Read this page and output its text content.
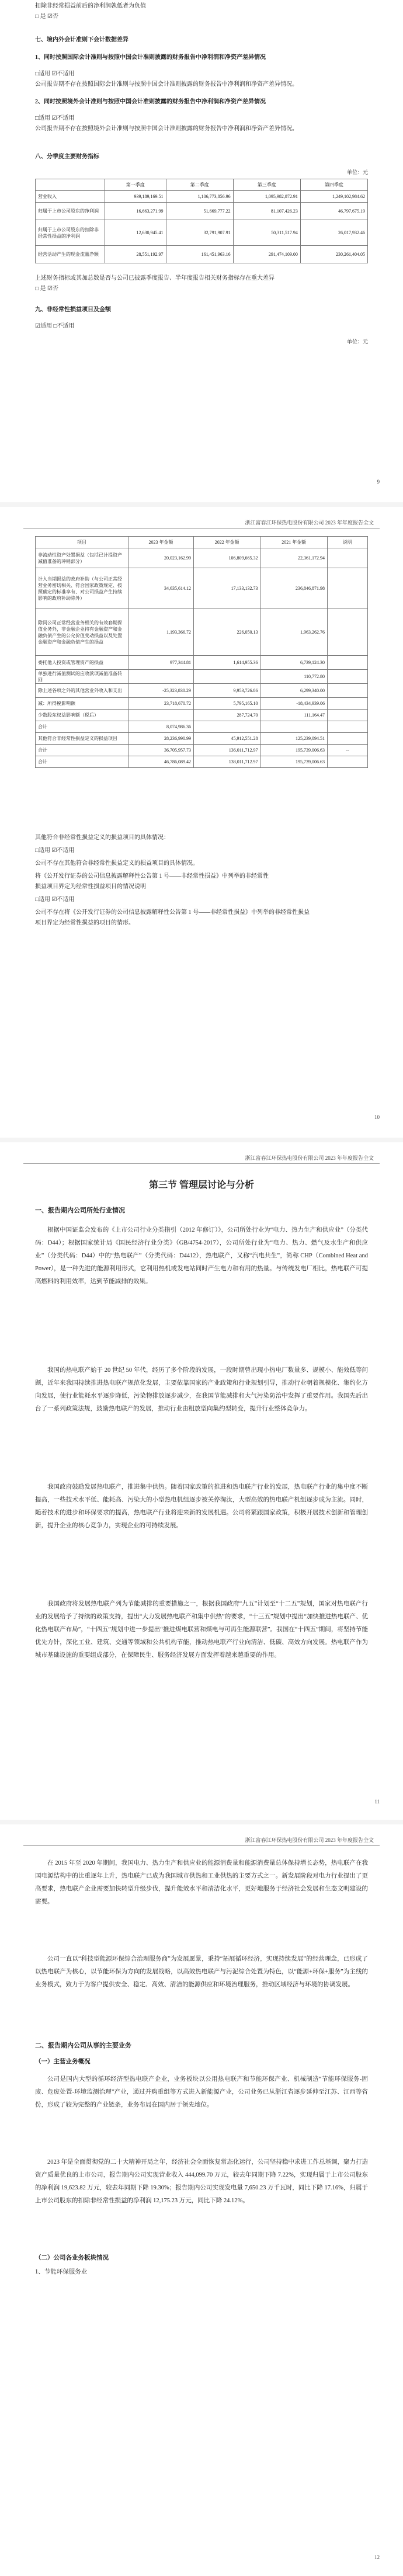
扣除非经常损益前后的净利润孰低者为负值
□ 是 ☑否
七、境内外会计准则下会计数据差异
1、同时按照国际会计准则与按照中国会计准则披露的财务报告中净利润和净资产差异情况
□适用 ☑不适用
公司报告期不存在按照国际会计准则与按照中国会计准则披露的财务报告中净利润和净资产差异情况。
2、同时按照境外会计准则与按照中国会计准则披露的财务报告中净利润和净资产差异情况
□适用 ☑不适用
公司报告期不存在按照境外会计准则与按照中国会计准则披露的财务报告中净利润和净资产差异情况。
八、分季度主要财务指标
单位：元
	第一季度	第二季度	第三季度	第四季度
营业收入	939,189,169.51	1,106,773,856.96	1,095,982,872.91	1,249,102,984.62
归属于上市公司股东的净利润	16,663,271.99	51,669,777.22	81,107,426.23	46,797,675.19
归属于上市公司股东的扣除非经常性损益的净利润	12,630,945.41	32,791,907.91	50,311,517.94	26,017,932.46
经营活动产生的现金流量净额	28,551,192.97	161,451,963.16	291,474,109.00	230,261,404.05
上述财务指标或其加总数是否与公司已披露季度报告、半年度报告相关财务指标存在重大差异
□ 是 ☑否
九、非经常性损益项目及金额
☑适用 □不适用
单位：元
9
浙江富春江环保热电股份有限公司 2023 年年度报告全文
项目	2023 年金额	2022 年金额	2021 年金额	说明
非流动性资产处置损益（包括已计提资产减值准备的冲销部分）	20,023,162.99	106,809,665.32	22,361,172.94	
计入当期损益的政府补助（与公司正常经营业务密切相关、符合国家政策规定、按照确定的标准享有、对公司损益产生持续影响的政府补助除外）	34,635,614.12	17,133,132.73	236,846,871.98	
除同公司正常经营业务相关的有效套期保值业务外，非金融企业持有金融资产和金融负债产生的公允价值变动损益以及处置金融资产和金融负债产生的损益	1,193,366.72	226,050.13	1,963,262.76	
委托他人投资或管理资产的损益	977,344.81	1,614,955.36	6,739,124.30	
单独进行减值测试的应收款项减值准备转回			110,772.80	
除上述各项之外的其他营业外收入和支出	-25,323,830.29	9,953,726.86	6,299,340.00	
减：所得税影响额	23,718,670.72	5,795,165.10	-18,434,939.06	
少数股东权益影响额（税后）		287,724.70	111,164.47	
合计	8,074,986.36			
其他符合非经常性损益定义的损益项目	28,236,990.99	45,912,551.28	125,239,094.51	
合计	36,705,957.73	136,011,712.97	195,739,006.63	--
合计	46,786,089.42	138,011,712.97	195,739,006.63	
其他符合非经常性损益定义的损益项目的具体情况：
□适用 ☑不适用
公司不存在其他符合非经常性损益定义的损益项目的具体情况。
将《公开发行证券的公司信息披露解释性公告第 1 号——非经常性损益》中列举的非经常性
损益项目界定为经常性损益项目的情况说明
□适用 ☑不适用
公司不存在将《公开发行证券的公司信息披露解释性公告第 1 号——非经常性损益》中列举的非经常性损益
项目界定为经常性损益的项目的情形。
10
浙江富春江环保热电股份有限公司 2023 年年度报告全文
第三节 管理层讨论与分析
一、报告期内公司所处行业情况
根据中国证监会发布的《上市公司行业分类指引（2012 年修订）》，公司所处行业为“电力、热力生产和供应业”（分类代码：D44）；根据国家统计局《国民经济行业分类》（GB/4754-2017），公司所处行业为“电力、热力、燃气及水生产和供应业”（分类代码：D44）中的“热电联产”（分类代码：D4412），热电联产，又称“汽电共生”，简称 CHP（Combined Heat and Power），是一种先进的能源利用形式，它利用热机或发电站同时产生电力和有用的热量。与传统发电厂相比，热电联产可提高燃料的利用效率，达到节能减排的效果。
我国的热电联产始于 20 世纪 50 年代，经历了多个阶段的发展，一段时期曾出现小热电厂数量多、规模小、能效低等问题，近年来我国持续推进热电联产规范化发展，主要依靠国家的产业政策和行业规划引导，推动行业朝着规模化、集约化方向发展，使行业能耗水平逐步降低，污染物排放逐步减少，在我国节能减排和大气污染防治中发挥了重要作用。我国先后出台了一系列政策法规，鼓励热电联产的发展，推动行业由粗放型向集约型转变，提升行业整体竞争力。
我国政府鼓励发展热电联产，推进集中供热。随着国家政策的推进和热电联产行业的发展，热电联产行业的集中度不断提高，一些技术水平低、能耗高、污染大的小型热电机组逐步被关停淘汰，大型高效的热电联产机组逐步成为主流。同时，随着技术的进步和环保要求的提高，热电联产行业将迎来新的发展机遇。公司将紧跟国家政策，积极开展技术创新和管理创新，提升企业的核心竞争力，实现企业的可持续发展。
我国政府将发展热电联产列为节能减排的重要措施之一，根据我国政府“九五”计划至“十二五”规划，国家对热电联产行业的发展给予了持续的政策支持，提出“大力发展热电联产和集中供热”的要求，“十三五”规划中提出“加快推进热电联产、优化热电联产布局”，“十四五”规划中进一步提出“推进煤电联营和煤电与可再生能源联营”。我国在“十四五”期间，将坚持节能优先方针，深化工业、建筑、交通等领域和公共机构节能，推动热电联产行业向清洁、低碳、高效方向发展。热电联产作为城市基础设施的重要组成部分，在保障民生、服务经济发展方面发挥着越来越重要的作用。
11
浙江富春江环保热电股份有限公司 2023 年年度报告全文
在 2015 年至 2020 年期间，我国电力、热力生产和供应业的能源消费量和能源消费量总体保持增长态势，热电联产在我国电源结构中的比重逐年上升，热电联产已成为我国城市供热和工业供热的主要方式之一。新发展阶段对电力行业提出了更高要求，热电联产企业需要加快转型升级步伐，提升能效水平和清洁化水平，更好地服务于经济社会发展和生态文明建设的需要。
公司一直以“科技型能源环保综合治理服务商”为发展愿景，秉持“拓展循环经济，实现持续发展”的经营理念，已形成了以热电联产为核心，以节能环保为方向的发展战略，以高效热电联产与污泥综合处置为特色，以“能源+环保+服务”为主线的业务模式，致力于为客户提供安全、稳定、高效、清洁的能源供应和环境治理服务，推动区域经济与环境的协调发展。
二、报告期内公司从事的主要业务
（一）主营业务概况
公司是国内大型的循环经济型热电联产企业，业务板块以公用热电联产和节能环保产业、机械制造“节能环保服务-固废、危废处置-环境监测治理”产业，通过并购重组等方式进入新能源产业，公司业务已从浙江省逐步延伸至江苏、江西等省份，形成了较为完整的产业链条，业务布局在国内居于领先地位。
2023 年是全面贯彻党的二十大精神开局之年，经济社会全面恢复常态化运行，公司坚持稳中求进工作总基调，聚力打造资产质量优良的上市公司，报告期内公司实现营业收入 444,099.70 万元，较去年同期下降 7.22%，实现归属于上市公司股东的净利润 19,623.82 万元，较去年同期下降 19.30%；报告期内公司实现发电量 7,650.23 万千瓦时，同比下降 17.16%，归属于上市公司股东的扣除非经常性损益的净利润 12,175.23 万元，同比下降 24.12%。
（二）公司各业务板块情况
1、节能环保服务业
12
